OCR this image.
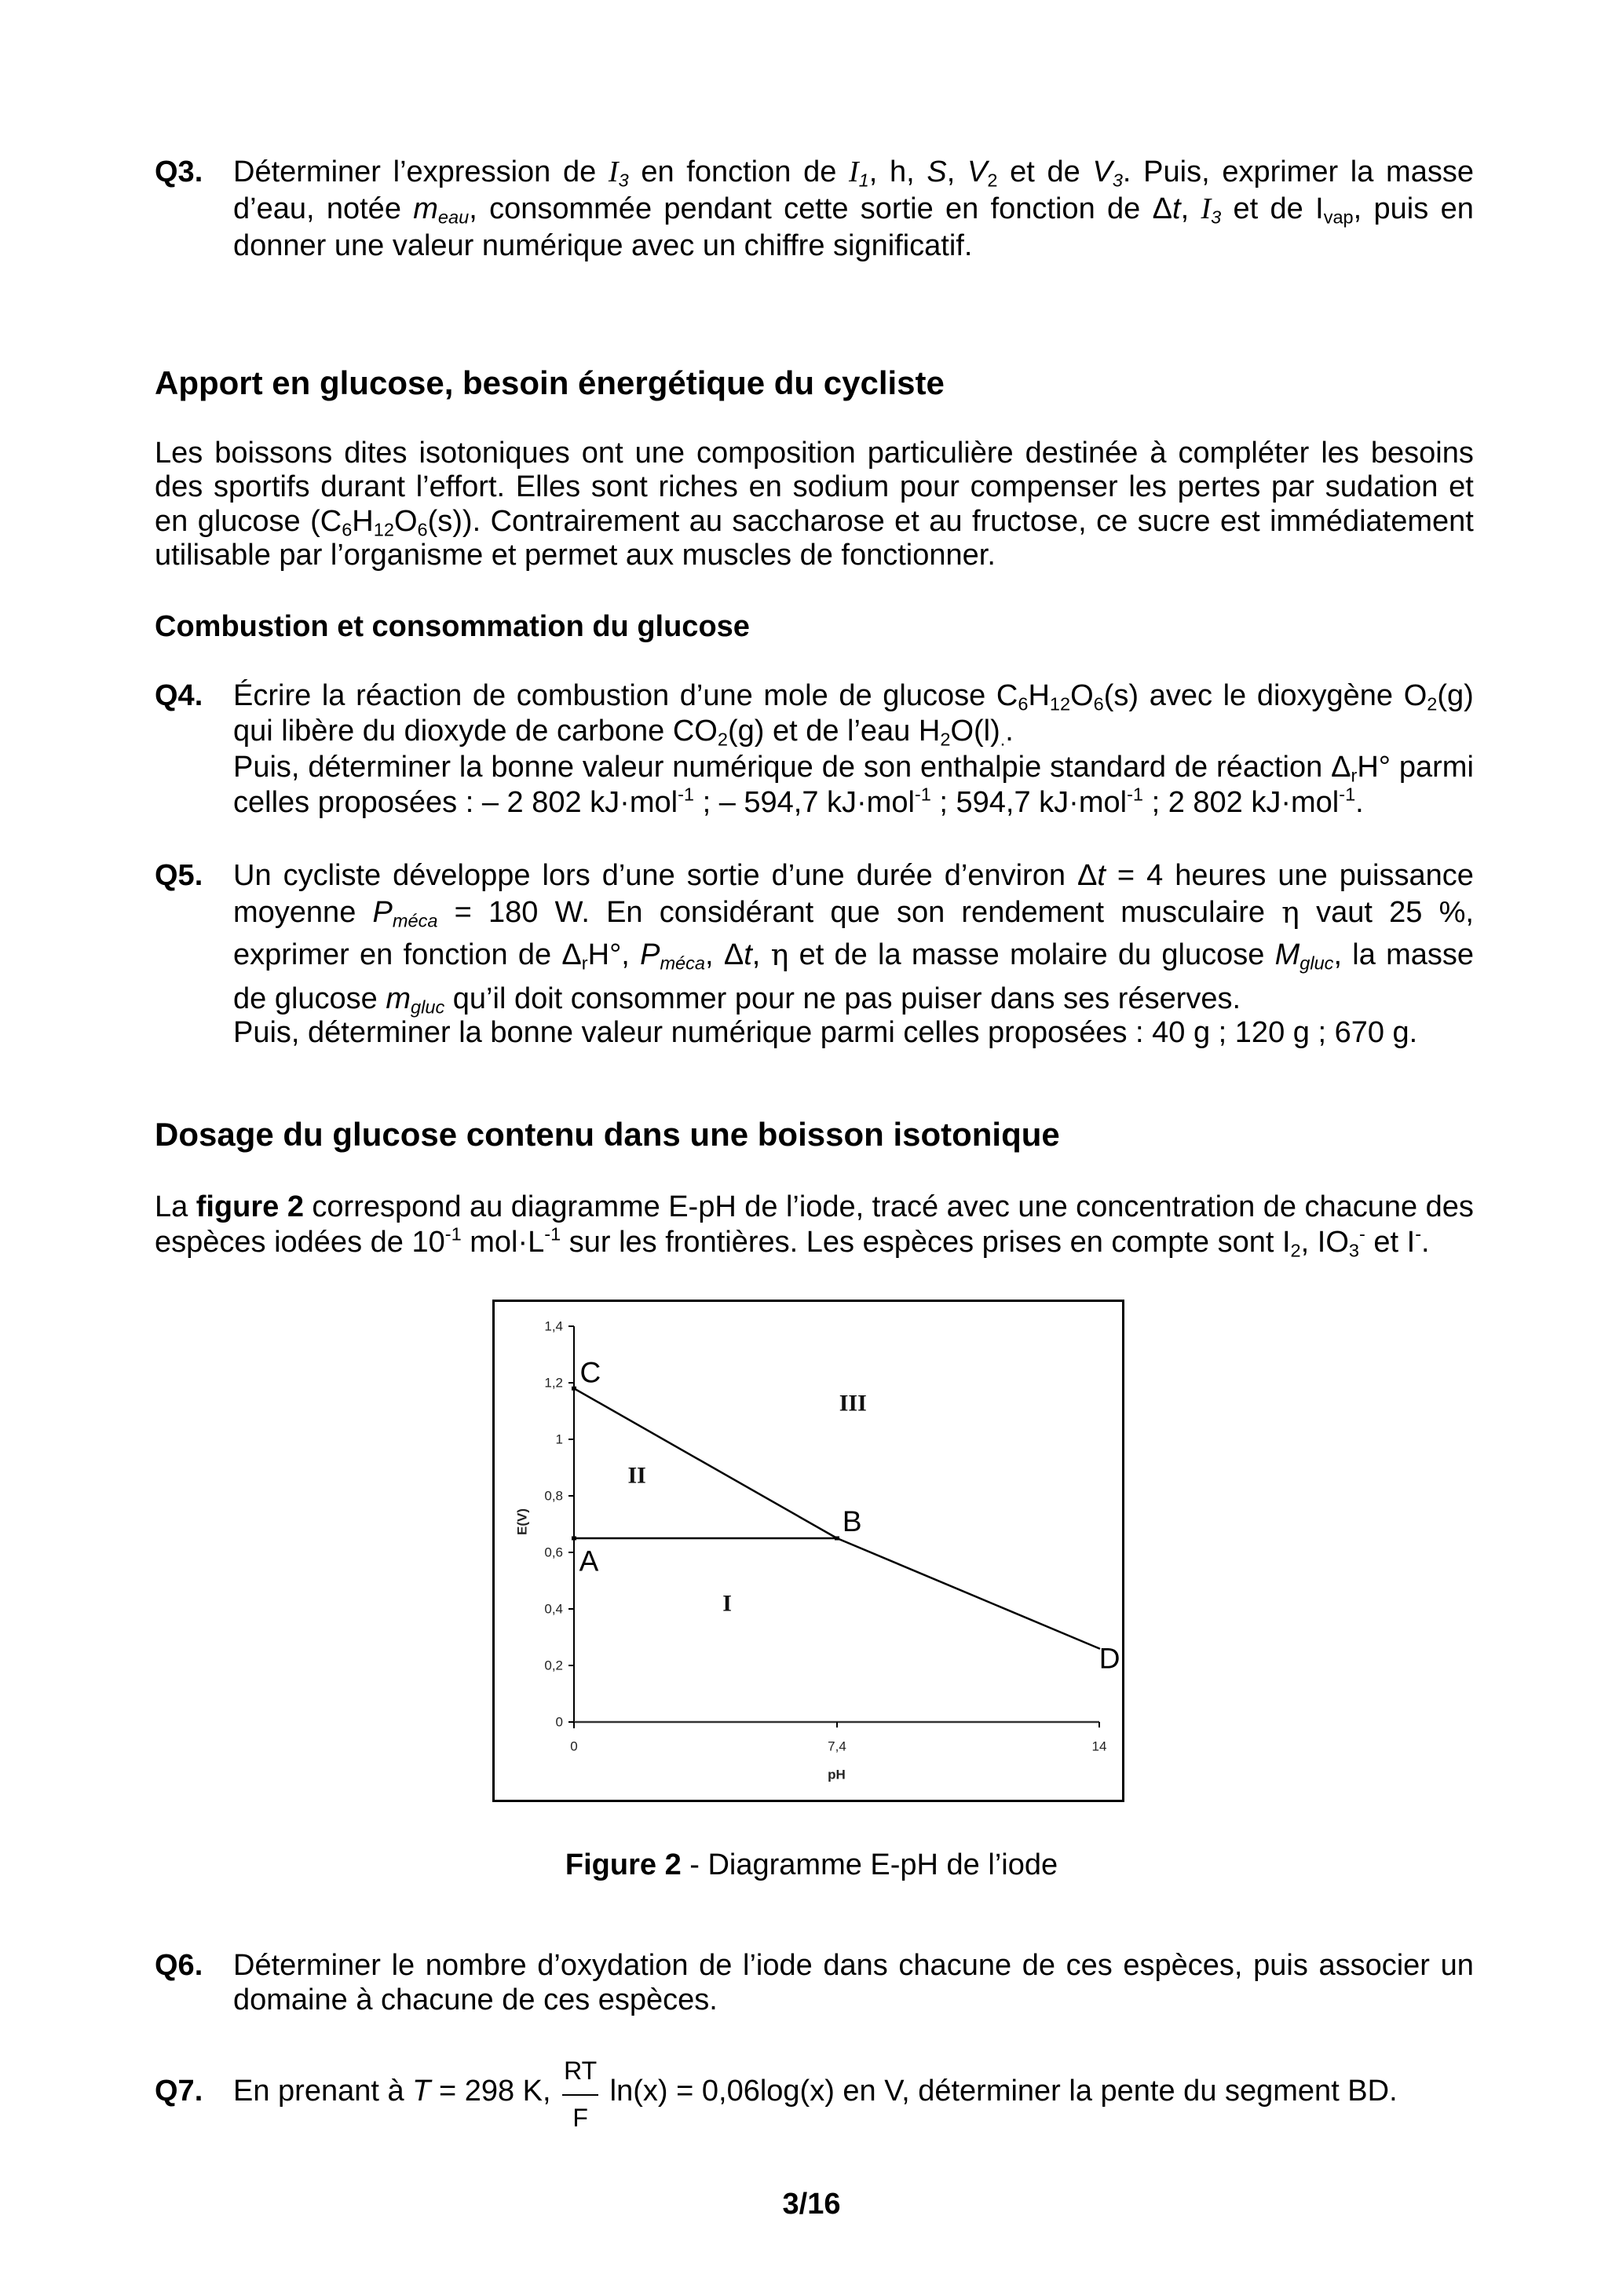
Q3. Déterminer l’expression de I3 en fonction de I1, h, S, V2 et de V3. Puis, exprimer la masse
d’eau, notée meau, consommée pendant cette sortie en fonction de Δt, I3 et de Ivap, puis en
donner une valeur numérique avec un chiffre significatif.
Apport en glucose, besoin énergétique du cycliste
Les boissons dites isotoniques ont une composition particulière destinée à compléter les besoins
des sportifs durant l’effort. Elles sont riches en sodium pour compenser les pertes par sudation et
en glucose (C6H12O6(s)). Contrairement au saccharose et au fructose, ce sucre est immédiatement
utilisable par l’organisme et permet aux muscles de fonctionner.
Combustion et consommation du glucose
Q4. Écrire la réaction de combustion d’une mole de glucose C6H12O6(s) avec le dioxygène O2(g)
qui libère du dioxyde de carbone CO2(g) et de l’eau H2O(l)..
Puis, déterminer la bonne valeur numérique de son enthalpie standard de réaction ΔrH° parmi
celles proposées : – 2 802 kJ·mol$^{-1}$ ; – 594,7 kJ·mol$^{-1}$ ; 594,7 kJ·mol$^{-1}$ ; 2 802 kJ·mol$^{-1}$.
Q5. Un cycliste développe lors d’une sortie d’une durée d’environ Δt = 4 heures une puissance
moyenne Pméca = 180 W. En considérant que son rendement musculaire η vaut 25 %,
exprimer en fonction de ΔrH°, Pméca, Δt, η et de la masse molaire du glucose Mgluc, la masse
de glucose mgluc qu’il doit consommer pour ne pas puiser dans ses réserves.
Puis, déterminer la bonne valeur numérique parmi celles proposées : 40 g ; 120 g ; 670 g.
Dosage du glucose contenu dans une boisson isotonique
La figure 2 correspond au diagramme E-pH de l’iode, tracé avec une concentration de chacune des
espèces iodées de $10^{-1}$ $mol\cdot L^{-1}$ sur les frontières. Les espèces prises en compte sont I2, IO3- et I-.
0
0,2
0,4
0,6
0,8
1
1,2
1,4
0	7,4	14
pH
E(V)
A
B
C
D
I
II
III
Figure 2 - Diagramme E-pH de l’iode
Q6. Déterminer le nombre d’oxydation de l’iode dans chacune de ces espèces, puis associer un
domaine à chacune de ces espèces.
Q7. En prenant à T = 298 K, $\frac{RT}{F} \ln(x) = 0,06\log(x)$ en V, déterminer la pente du segment BD.
3/16
